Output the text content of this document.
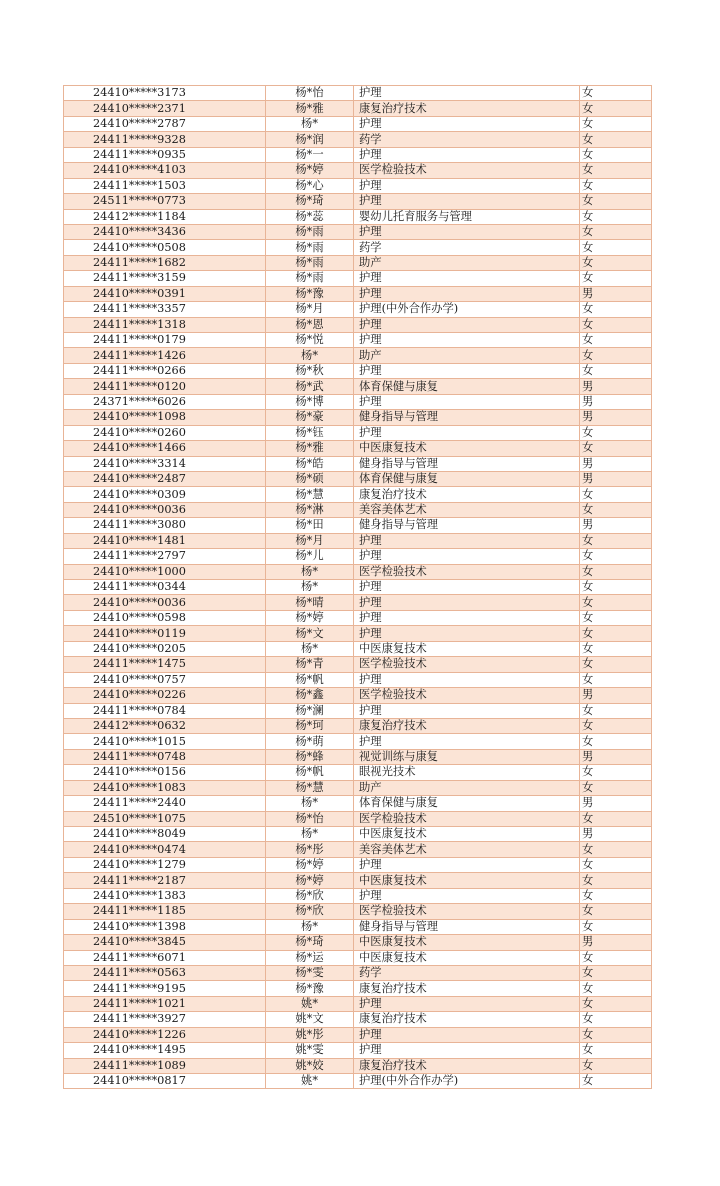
24410*****3173	杨*怡	护理	女
24410*****2371	杨*雅	康复治疗技术	女
24410*****2787	杨*	护理	女
24411*****9328	杨*润	药学	女
24411*****0935	杨*一	护理	女
24410*****4103	杨*婷	医学检验技术	女
24411*****1503	杨*心	护理	女
24511*****0773	杨*琦	护理	女
24412*****1184	杨*蕊	婴幼儿托育服务与管理	女
24410*****3436	杨*雨	护理	女
24410*****0508	杨*雨	药学	女
24411*****1682	杨*雨	助产	女
24411*****3159	杨*雨	护理	女
24410*****0391	杨*豫	护理	男
24411*****3357	杨*月	护理(中外合作办学)	女
24411*****1318	杨*恩	护理	女
24411*****0179	杨*悦	护理	女
24411*****1426	杨*	助产	女
24411*****0266	杨*秋	护理	女
24411*****0120	杨*武	体育保健与康复	男
24371*****6026	杨*博	护理	男
24410*****1098	杨*豪	健身指导与管理	男
24410*****0260	杨*钰	护理	女
24410*****1466	杨*雅	中医康复技术	女
24410*****3314	杨*皓	健身指导与管理	男
24410*****2487	杨*硕	体育保健与康复	男
24410*****0309	杨*慧	康复治疗技术	女
24410*****0036	杨*淋	美容美体艺术	女
24411*****3080	杨*田	健身指导与管理	男
24410*****1481	杨*月	护理	女
24411*****2797	杨*儿	护理	女
24410*****1000	杨*	医学检验技术	女
24411*****0344	杨*	护理	女
24410*****0036	杨*晴	护理	女
24410*****0598	杨*婷	护理	女
24410*****0119	杨*文	护理	女
24410*****0205	杨*	中医康复技术	女
24411*****1475	杨*青	医学检验技术	女
24410*****0757	杨*帆	护理	女
24410*****0226	杨*鑫	医学检验技术	男
24411*****0784	杨*澜	护理	女
24412*****0632	杨*珂	康复治疗技术	女
24410*****1015	杨*萌	护理	女
24411*****0748	杨*蜂	视觉训练与康复	男
24410*****0156	杨*帆	眼视光技术	女
24410*****1083	杨*慧	助产	女
24411*****2440	杨*	体育保健与康复	男
24510*****1075	杨*怡	医学检验技术	女
24410*****8049	杨*	中医康复技术	男
24410*****0474	杨*彤	美容美体艺术	女
24410*****1279	杨*婷	护理	女
24411*****2187	杨*婷	中医康复技术	女
24410*****1383	杨*欣	护理	女
24411*****1185	杨*欣	医学检验技术	女
24410*****1398	杨*	健身指导与管理	女
24410*****3845	杨*琦	中医康复技术	男
24411*****6071	杨*运	中医康复技术	女
24411*****0563	杨*雯	药学	女
24411*****9195	杨*豫	康复治疗技术	女
24411*****1021	姚*	护理	女
24411*****3927	姚*文	康复治疗技术	女
24410*****1226	姚*彤	护理	女
24410*****1495	姚*雯	护理	女
24411*****1089	姚*姣	康复治疗技术	女
24410*****0817	姚*	护理(中外合作办学)	女
